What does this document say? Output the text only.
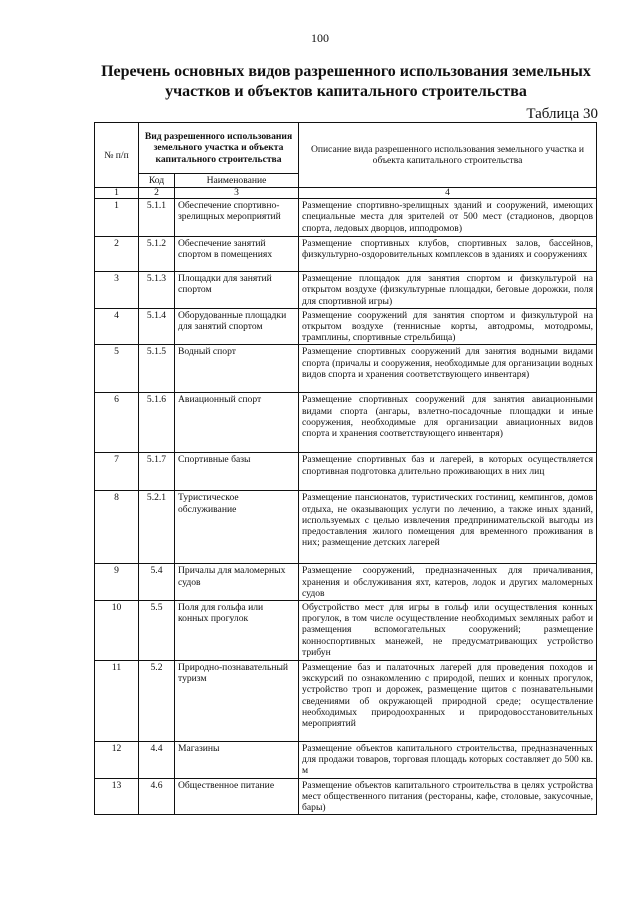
100
Перечень основных видов разрешенного использования земельных участков и объектов капитального строительства
Таблица 30
№ п/п	Вид разрешенного использования земельного участка и объекта капитального строительства		Описание вида разрешенного использования земельного участка и объекта капитального строительства
	Код	Наименование	
1	2	3	4
1	5.1.1	Обеспечение спортивно-зрелищных мероприятий	Размещение спортивно-зрелищных зданий и сооружений, имеющих специальные места для зрителей от 500 мест (стадионов, дворцов спорта, ледовых дворцов, ипподромов)
2	5.1.2	Обеспечение занятий спортом в помещениях	Размещение спортивных клубов, спортивных залов, бассейнов, физкультурно-оздоровительных комплексов в зданиях и сооружениях
3	5.1.3	Площадки для занятий спортом	Размещение площадок для занятия спортом и физкультурой на открытом воздухе (физкультурные площадки, беговые дорожки, поля для спортивной игры)
4	5.1.4	Оборудованные площадки для занятий спортом	Размещение сооружений для занятия спортом и физкультурой на открытом воздухе (теннисные корты, автодромы, мотодромы, трамплины, спортивные стрельбища)
5	5.1.5	Водный спорт	Размещение спортивных сооружений для занятия водными видами спорта (причалы и сооружения, необходимые для организации водных видов спорта и хранения соответствующего инвентаря)
6	5.1.6	Авиационный спорт	Размещение спортивных сооружений для занятия авиационными видами спорта (ангары, взлетно-посадочные площадки и иные сооружения, необходимые для организации авиационных видов спорта и хранения соответствующего инвентаря)
7	5.1.7	Спортивные базы	Размещение спортивных баз и лагерей, в которых осуществляется спортивная подготовка длительно проживающих в них лиц
8	5.2.1	Туристическое обслуживание	Размещение пансионатов, туристических гостиниц, кемпингов, домов отдыха, не оказывающих услуги по лечению, а также иных зданий, используемых с целью извлечения предпринимательской выгоды из предоставления жилого помещения для временного проживания в них; размещение детских лагерей
9	5.4	Причалы для маломерных судов	Размещение сооружений, предназначенных для причаливания, хранения и обслуживания яхт, катеров, лодок и других маломерных судов
10	5.5	Поля для гольфа или конных прогулок	Обустройство мест для игры в гольф или осуществления конных прогулок, в том числе осуществление необходимых земляных работ и размещения вспомогательных сооружений; размещение конноспортивных манежей, не предусматривающих устройство трибун
11	5.2	Природно-познавательный туризм	Размещение баз и палаточных лагерей для проведения походов и экскурсий по ознакомлению с природой, пеших и конных прогулок, устройство троп и дорожек, размещение щитов с познавательными сведениями об окружающей природной среде; осуществление необходимых природоохранных и природовосстановительных мероприятий
12	4.4	Магазины	Размещение объектов капитального строительства, предназначенных для продажи товаров, торговая площадь которых составляет до 500 кв. м
13	4.6	Общественное питание	Размещение объектов капитального строительства в целях устройства мест общественного питания (рестораны, кафе, столовые, закусочные, бары)
